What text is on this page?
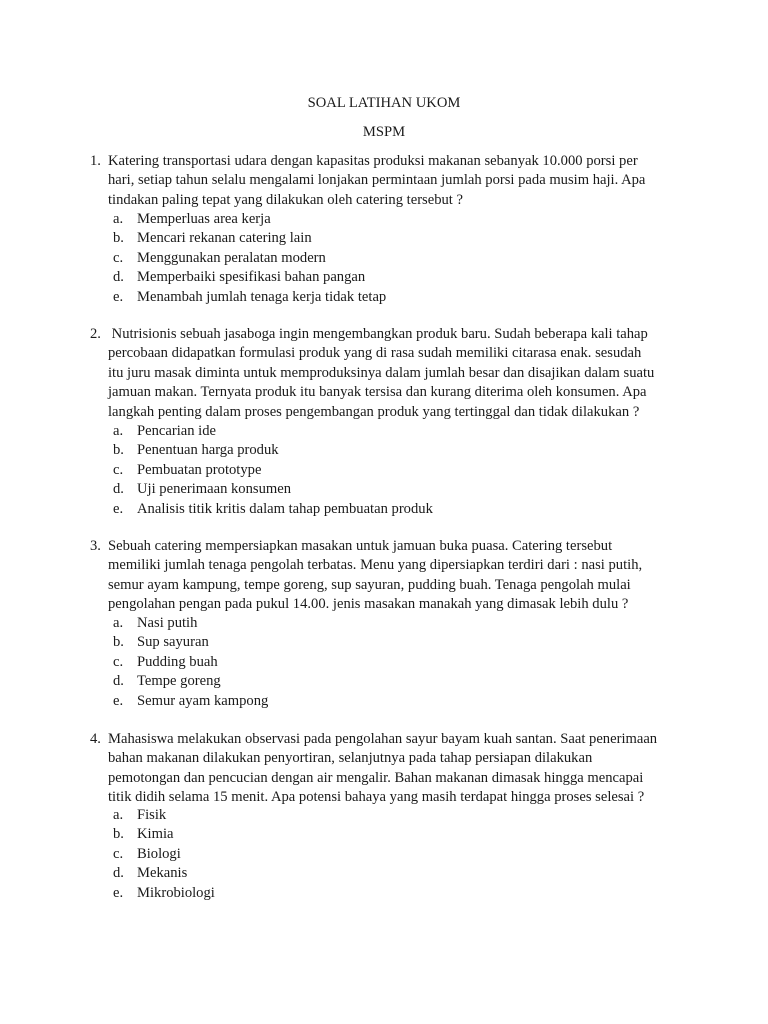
SOAL LATIHAN UKOM
MSPM
1. Katering transportasi udara dengan kapasitas produksi makanan sebanyak 10.000 porsi per
hari, setiap tahun selalu mengalami lonjakan permintaan jumlah porsi pada musim haji. Apa
tindakan paling tepat yang dilakukan oleh catering tersebut ?
a. Memperluas area kerja
b. Mencari rekanan catering lain
c. Menggunakan peralatan modern
d. Memperbaiki spesifikasi bahan pangan
e. Menambah jumlah tenaga kerja tidak tetap
2. Nutrisionis sebuah jasaboga ingin mengembangkan produk baru. Sudah beberapa kali tahap
percobaan didapatkan formulasi produk yang di rasa sudah memiliki citarasa enak. sesudah
itu juru masak diminta untuk memproduksinya dalam jumlah besar dan disajikan dalam suatu
jamuan makan. Ternyata produk itu banyak tersisa dan kurang diterima oleh konsumen. Apa
langkah penting dalam proses pengembangan produk yang tertinggal dan tidak dilakukan ?
a. Pencarian ide
b. Penentuan harga produk
c. Pembuatan prototype
d. Uji penerimaan konsumen
e. Analisis titik kritis dalam tahap pembuatan produk
3. Sebuah catering mempersiapkan masakan untuk jamuan buka puasa. Catering tersebut
memiliki jumlah tenaga pengolah terbatas. Menu yang dipersiapkan terdiri dari : nasi putih,
semur ayam kampung, tempe goreng, sup sayuran, pudding buah. Tenaga pengolah mulai
pengolahan pengan pada pukul 14.00. jenis masakan manakah yang dimasak lebih dulu ?
a. Nasi putih
b. Sup sayuran
c. Pudding buah
d. Tempe goreng
e. Semur ayam kampong
4. Mahasiswa melakukan observasi pada pengolahan sayur bayam kuah santan. Saat penerimaan
bahan makanan dilakukan penyortiran, selanjutnya pada tahap persiapan dilakukan
pemotongan dan pencucian dengan air mengalir. Bahan makanan dimasak hingga mencapai
titik didih selama 15 menit. Apa potensi bahaya yang masih terdapat hingga proses selesai ?
a. Fisik
b. Kimia
c. Biologi
d. Mekanis
e. Mikrobiologi
